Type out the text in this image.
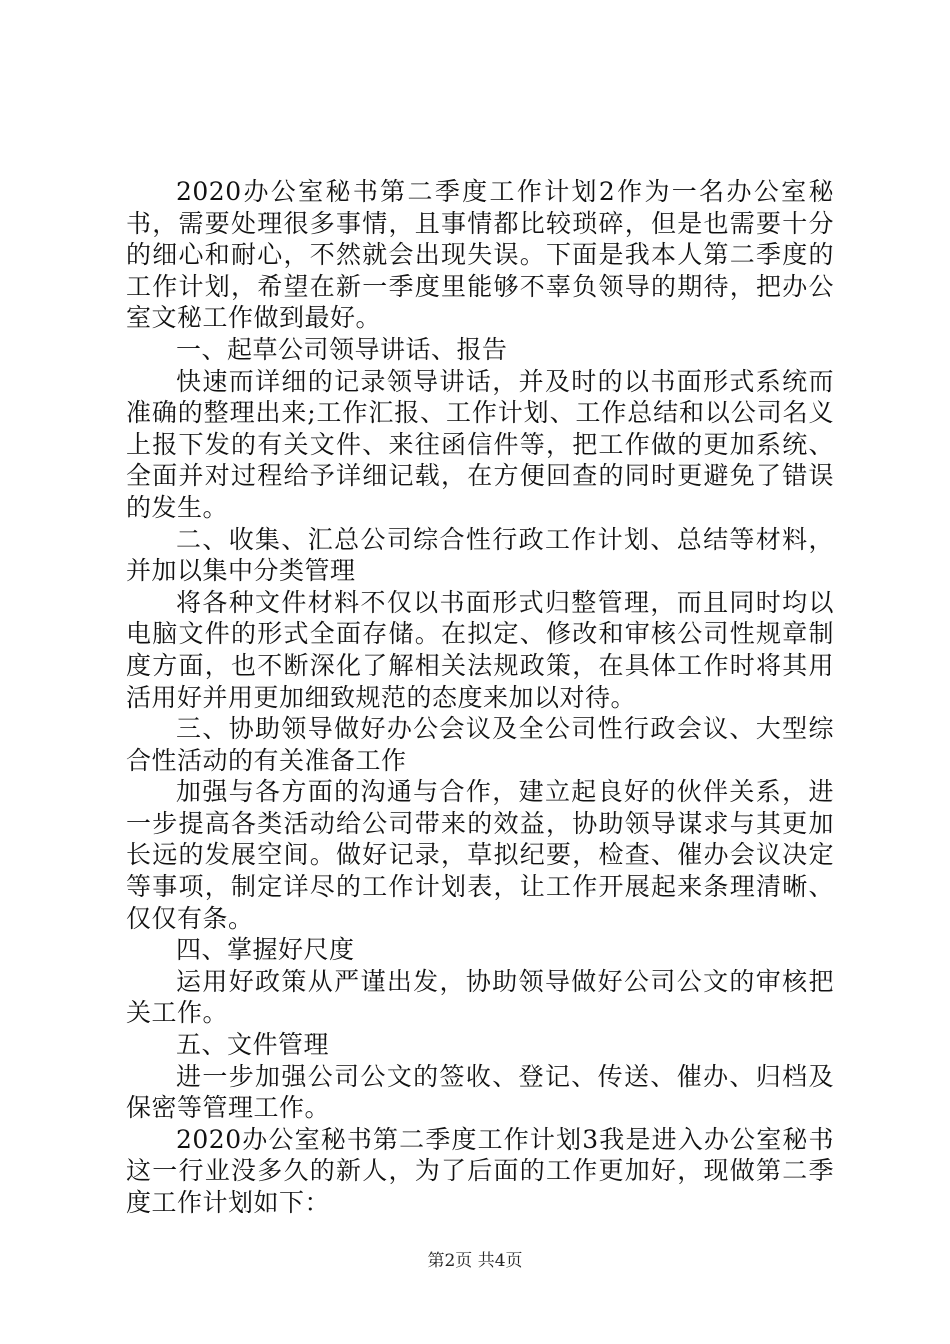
2020办公室秘书第二季度工作计划2作为一名办公室秘书，需要处理很多事情，且事情都比较琐碎，但是也需要十分的细心和耐心，不然就会出现失误。下面是我本人第二季度的工作计划，希望在新一季度里能够不辜负领导的期待，把办公室文秘工作做到最好。

一、起草公司领导讲话、报告

快速而详细的记录领导讲话，并及时的以书面形式系统而准确的整理出来;工作汇报、工作计划、工作总结和以公司名义上报下发的有关文件、来往函信件等，把工作做的更加系统、全面并对过程给予详细记载，在方便回查的同时更避免了错误的发生。

二、收集、汇总公司综合性行政工作计划、总结等材料，并加以集中分类管理

将各种文件材料不仅以书面形式归整管理，而且同时均以电脑文件的形式全面存储。在拟定、修改和审核公司性规章制度方面，也不断深化了解相关法规政策，在具体工作时将其用活用好并用更加细致规范的态度来加以对待。

三、协助领导做好办公会议及全公司性行政会议、大型综合性活动的有关准备工作

加强与各方面的沟通与合作，建立起良好的伙伴关系，进一步提高各类活动给公司带来的效益，协助领导谋求与其更加长远的发展空间。做好记录，草拟纪要，检查、催办会议决定等事项，制定详尽的工作计划表，让工作开展起来条理清晰、仅仅有条。

四、掌握好尺度

运用好政策从严谨出发，协助领导做好公司公文的审核把关工作。

五、文件管理

进一步加强公司公文的签收、登记、传送、催办、归档及保密等管理工作。

2020办公室秘书第二季度工作计划3我是进入办公室秘书这一行业没多久的新人，为了后面的工作更加好，现做第二季度工作计划如下：

第2页 共4页
